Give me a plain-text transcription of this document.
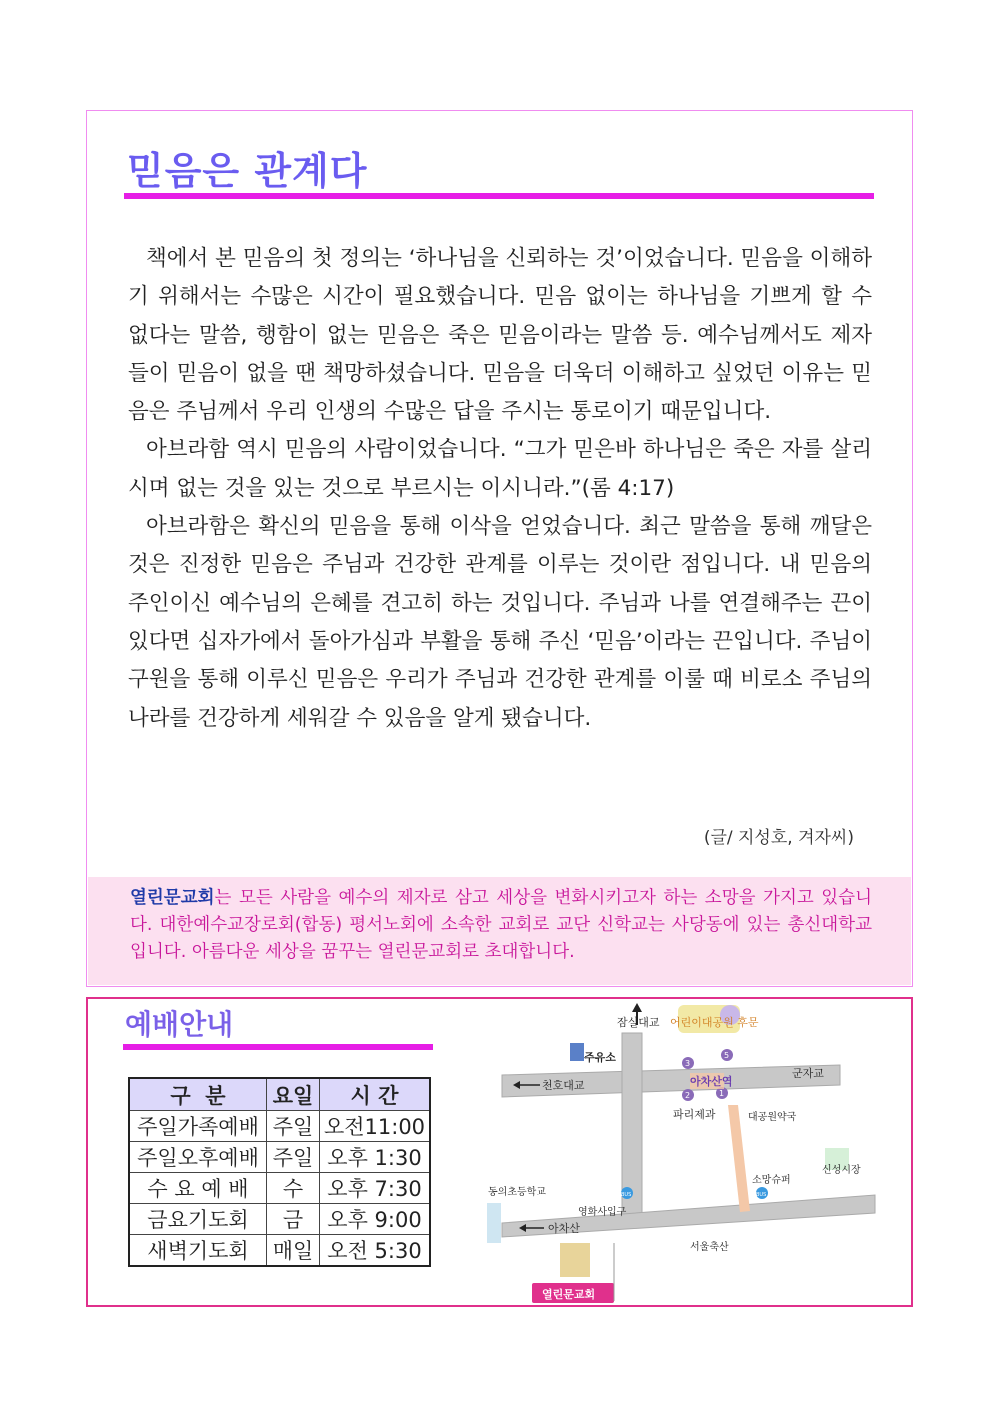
믿음은 관계다

책에서 본 믿음의 첫 정의는 ‘하나님을 신뢰하는 것’이었습니다. 믿음을 이해하기 위해서는 수많은 시간이 필요했습니다. 믿음 없이는 하나님을 기쁘게 할 수 없다는 말씀, 행함이 없는 믿음은 죽은 믿음이라는 말씀 등. 예수님께서도 제자들이 믿음이 없을 땐 책망하셨습니다. 믿음을 더욱더 이해하고 싶었던 이유는 믿음은 주님께서 우리 인생의 수많은 답을 주시는 통로이기 때문입니다.

아브라함 역시 믿음의 사람이었습니다. “그가 믿은바 하나님은 죽은 자를 살리시며 없는 것을 있는 것으로 부르시는 이시니라.”(롬 4:17)

아브라함은 확신의 믿음을 통해 이삭을 얻었습니다. 최근 말씀을 통해 깨달은 것은 진정한 믿음은 주님과 건강한 관계를 이루는 것이란 점입니다. 내 믿음의 주인이신 예수님의 은혜를 견고히 하는 것입니다. 주님과 나를 연결해주는 끈이 있다면 십자가에서 돌아가심과 부활을 통해 주신 ‘믿음’이라는 끈입니다. 주님이 구원을 통해 이루신 믿음은 우리가 주님과 건강한 관계를 이룰 때 비로소 주님의 나라를 건강하게 세워갈 수 있음을 알게 됐습니다.

(글/ 지성호, 겨자씨)
열린문교회는 모든 사람을 예수의 제자로 삼고 세상을 변화시키고자 하는 소망을 가지고 있습니다. 대한예수교장로회(합동) 평서노회에 소속한 교회로 교단 신학교는 사당동에 있는 총신대학교입니다. 아름다운 세상을 꿈꾸는 열린문교회로 초대합니다.
예배안내
구  분	요일	시 간
주일가족예배	주일	오전11:00
주일오후예배	주일	오후 1:30
수 요 예 배	수	오후 7:30
금요기도회	금	오후 9:00
새벽기도회	매일	오전 5:30
잠실대교 어린이대공원 후문
주유소
아차산역
천호대교
군자교
파리제과	대공원약국
소망슈퍼
신성시장
동의초등학교	BUS	BUS
영화사입구
아차산
서울축산
열린문교회
3
5
2	1
